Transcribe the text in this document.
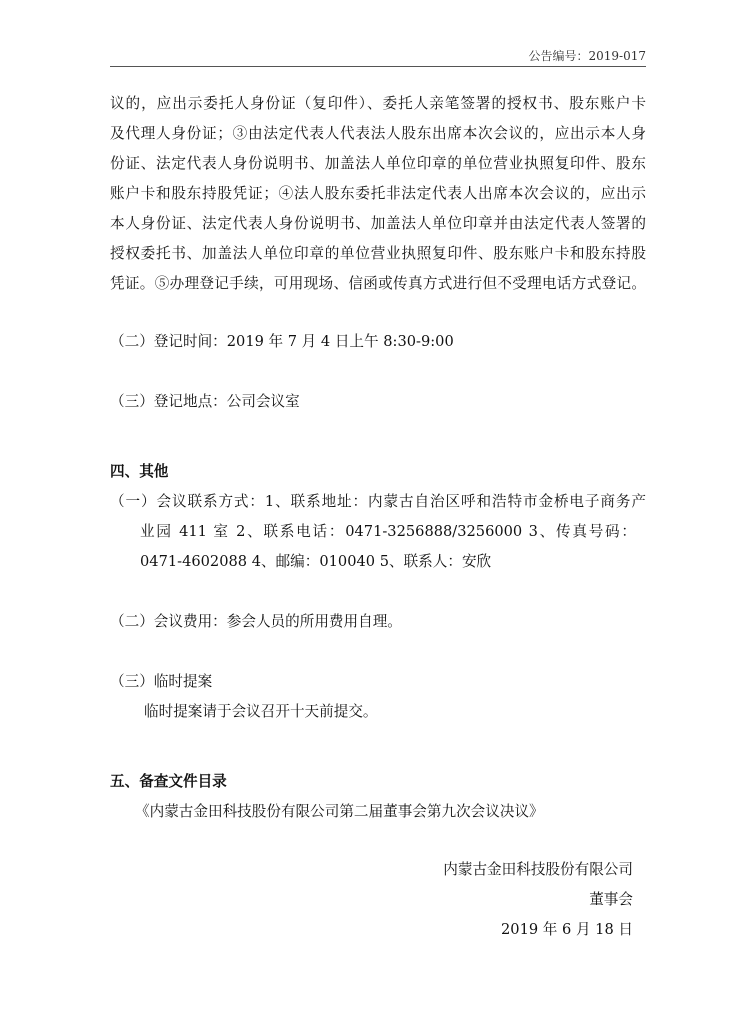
公告编号：2019-017
议的，应出示委托人身份证（复印件）、委托人亲笔签署的授权书、股东账户卡
及代理人身份证；③由法定代表人代表法人股东出席本次会议的，应出示本人身
份证、法定代表人身份说明书、加盖法人单位印章的单位营业执照复印件、股东
账户卡和股东持股凭证；④法人股东委托非法定代表人出席本次会议的，应出示
本人身份证、法定代表人身份说明书、加盖法人单位印章并由法定代表人签署的
授权委托书、加盖法人单位印章的单位营业执照复印件、股东账户卡和股东持股
凭证。⑤办理登记手续，可用现场、信函或传真方式进行但不受理电话方式登记。
（二）登记时间：2019 年 7 月 4 日上午 8:30-9:00
（三）登记地点：公司会议室
四、其他
（一）会议联系方式：1、联系地址：内蒙古自治区呼和浩特市金桥电子商务产
业园 411 室 2、联系电话：0471-3256888/3256000 3、传真号码：
0471-4602088 4、邮编：010040 5、联系人：安欣
（二）会议费用：参会人员的所用费用自理。
（三）临时提案
临时提案请于会议召开十天前提交。
五、备查文件目录
《内蒙古金田科技股份有限公司第二届董事会第九次会议决议》
内蒙古金田科技股份有限公司
董事会
2019 年 6 月 18 日
